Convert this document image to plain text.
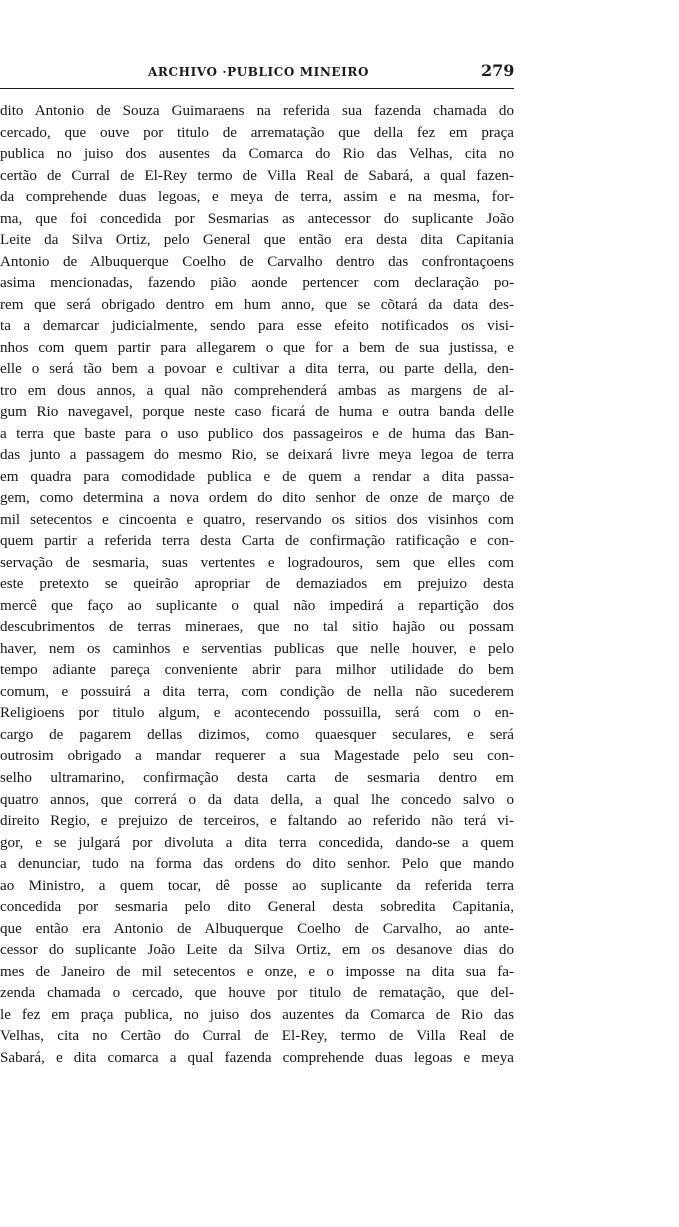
ARCHIVO ·PUBLICO MINEIRO	279
dito Antonio de Souza Guimaraens na referida sua fazenda chamada do
cercado, que ouve por titulo de arrematação que della fez em praça
publica no juiso dos ausentes da Comarca do Rio das Velhas, cita no
certão de Curral de El-Rey termo de Villa Real de Sabará, a qual fazen-
da comprehende duas legoas, e meya de terra, assim e na mesma, for-
ma, que foi concedida por Sesmarias as antecessor do suplicante João
Leite da Silva Ortiz, pelo General que então era desta dita Capitania
Antonio de Albuquerque Coelho de Carvalho dentro das confrontaçoens
asima mencionadas, fazendo pião aonde pertencer com declaração po-
rem que será obrigado dentro em hum anno, que se cõtará da data des-
ta a demarcar judicialmente, sendo para esse efeito notificados os visi-
nhos com quem partir para allegarem o que for a bem de sua justissa, e
elle o será tão bem a povoar e cultivar a dita terra, ou parte della, den-
tro em dous annos, a qual não comprehenderá ambas as margens de al-
gum Rio navegavel, porque neste caso ficará de huma e outra banda delle
a terra que baste para o uso publico dos passageiros e de huma das Ban-
das junto a passagem do mesmo Rio, se deixará livre meya legoa de terra
em quadra para comodidade publica e de quem a rendar a dita passa-
gem, como determina a nova ordem do dito senhor de onze de março de
mil setecentos e cincoenta e quatro, reservando os sitios dos visinhos com
quem partir a referida terra desta Carta de confirmação ratificação e con-
servação de sesmaria, suas vertentes e logradouros, sem que elles com
este pretexto se queirão apropriar de demaziados em prejuizo desta
mercê que faço ao suplicante o qual não impedirá a repartição dos
descubrimentos de terras mineraes, que no tal sitio hajão ou possam
haver, nem os caminhos e serventias publicas que nelle houver, e pelo
tempo adiante pareça conveniente abrir para milhor utilidade do bem
comum, e possuirá a dita terra, com condição de nella não sucederem
Religioens por titulo algum, e acontecendo possuilla, será com o en-
cargo de pagarem dellas dizimos, como quaesquer seculares, e será
outrosim obrigado a mandar requerer a sua Magestade pelo seu con-
selho ultramarino, confirmação desta carta de sesmaria dentro em
quatro annos, que correrá o da data della, a qual lhe concedo salvo o
direito Regio, e prejuizo de terceiros, e faltando ao referido não terá vi-
gor, e se julgará por divoluta a dita terra concedida, dando-se a quem
a denunciar, tudo na forma das ordens do dito senhor. Pelo que mando
ao Ministro, a quem tocar, dê posse ao suplicante da referida terra
concedida por sesmaria pelo dito General desta sobredita Capitania,
que então era Antonio de Albuquerque Coelho de Carvalho, ao ante-
cessor do suplicante João Leite da Silva Ortiz, em os desanove dias do
mes de Janeiro de mil setecentos e onze, e o imposse na dita sua fa-
zenda chamada o cercado, que houve por titulo de rematação, que del-
le fez em praça publica, no juiso dos auzentes da Comarca de Rio das
Velhas, cita no Certão do Curral de El-Rey, termo de Villa Real de
Sabará, e dita comarca a qual fazenda comprehende duas legoas e meya
